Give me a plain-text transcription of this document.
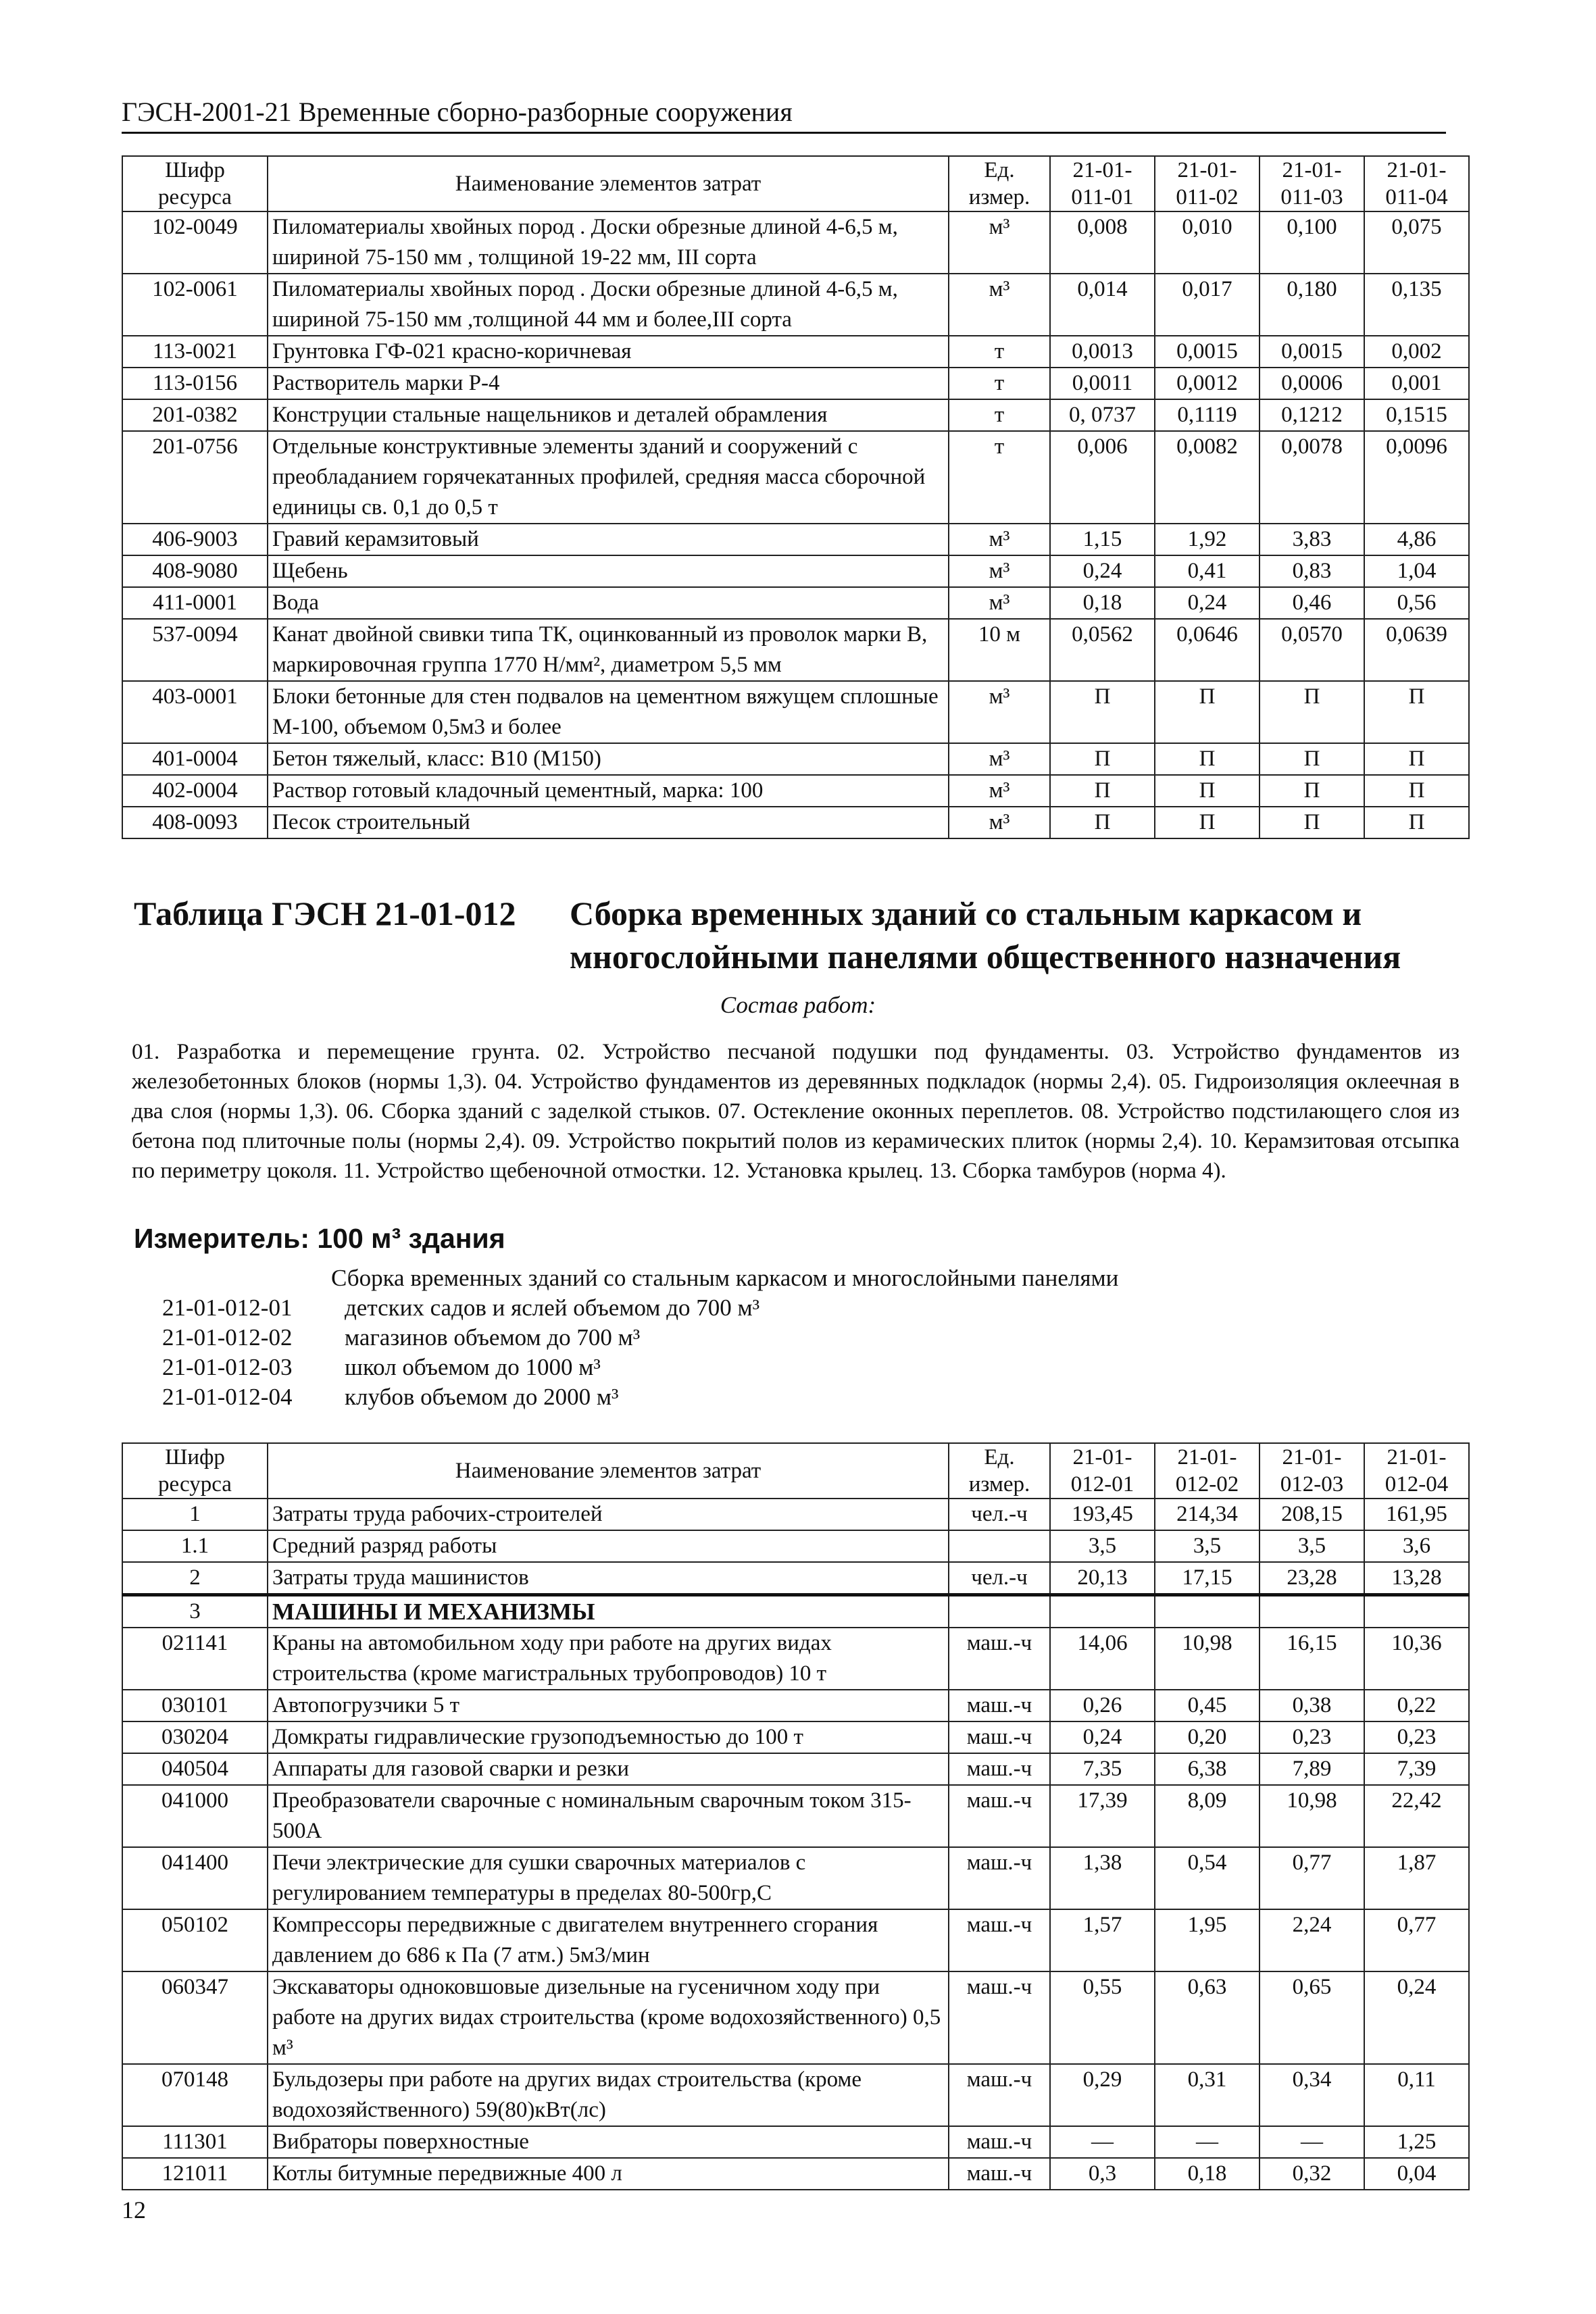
ГЭСН-2001-21 Временные сборно-разборные сооружения
Шифр ресурса	Наименование элементов затрат	Ед. измер.	21-01-011-01	21-01-011-02	21-01-011-03	21-01-011-04
102-0049	Пиломатериалы хвойных пород . Доски обрезные длиной 4-6,5 м, шириной 75-150 мм , толщиной 19-22 мм, III сорта	м³	0,008	0,010	0,100	0,075
102-0061	Пиломатериалы хвойных пород . Доски обрезные длиной 4-6,5 м, шириной 75-150 мм ,толщиной 44 мм и более,III сорта	м³	0,014	0,017	0,180	0,135
113-0021	Грунтовка ГФ-021 красно-коричневая	т	0,0013	0,0015	0,0015	0,002
113-0156	Растворитель марки Р-4	т	0,0011	0,0012	0,0006	0,001
201-0382	Конструции стальные нащельников и деталей обрамления	т	0, 0737	0,1119	0,1212	0,1515
201-0756	Отдельные конструктивные элементы зданий и сооружений с преобладанием горячекатанных профилей, средняя масса сборочной единицы св. 0,1 до 0,5 т	т	0,006	0,0082	0,0078	0,0096
406-9003	Гравий керамзитовый	м³	1,15	1,92	3,83	4,86
408-9080	Щебень	м³	0,24	0,41	0,83	1,04
411-0001	Вода	м³	0,18	0,24	0,46	0,56
537-0094	Канат двойной свивки типа ТК, оцинкованный из проволок марки В, маркировочная группа 1770 Н/мм², диаметром 5,5 мм	10 м	0,0562	0,0646	0,0570	0,0639
403-0001	Блоки бетонные для стен подвалов на цементном вяжущем сплошные М-100, объемом 0,5м3 и более	м³	П	П	П	П
401-0004	Бетон тяжелый, класс: В10 (М150)	м³	П	П	П	П
402-0004	Раствор готовый кладочный цементный, марка: 100	м³	П	П	П	П
408-0093	Песок строительный	м³	П	П	П	П
Таблица ГЭСН 21-01-012 Сборка временных зданий со стальным каркасом и многослойными панелями общественного назначения
Состав работ:
01. Разработка и перемещение грунта. 02. Устройство песчаной подушки под фундаменты. 03. Устройство фундаментов из железобетонных блоков (нормы 1,3). 04. Устройство фундаментов из деревянных подкладок (нормы 2,4). 05. Гидроизоляция оклеечная в два слоя (нормы 1,3). 06. Сборка зданий с заделкой стыков. 07. Остекление оконных переплетов. 08. Устройство подстилающего слоя из бетона под плиточные полы (нормы 2,4). 09. Устройство покрытий полов из керамических плиток (нормы 2,4). 10. Керамзитовая отсыпка по периметру цоколя. 11. Устройство щебеночной отмостки. 12. Установка крылец. 13. Сборка тамбуров (норма 4).
Измеритель: 100 м³ здания
Сборка временных зданий со стальным каркасом и многослойными панелями
21-01-012-01 детских садов и яслей объемом до 700 м³
21-01-012-02 магазинов объемом до 700 м³
21-01-012-03 школ объемом до 1000 м³
21-01-012-04 клубов объемом до 2000 м³
Шифр ресурса	Наименование элементов затрат	Ед. измер.	21-01-012-01	21-01-012-02	21-01-012-03	21-01-012-04
1	Затраты труда рабочих-строителей	чел.-ч	193,45	214,34	208,15	161,95
1.1	Средний разряд работы		3,5	3,5	3,5	3,6
2	Затраты труда машинистов	чел.-ч	20,13	17,15	23,28	13,28
3	МАШИНЫ И МЕХАНИЗМЫ					
021141	Краны на автомобильном ходу при работе на других видах строительства (кроме магистральных трубопроводов) 10 т	маш.-ч	14,06	10,98	16,15	10,36
030101	Автопогрузчики 5 т	маш.-ч	0,26	0,45	0,38	0,22
030204	Домкраты гидравлические грузоподъемностью до 100 т	маш.-ч	0,24	0,20	0,23	0,23
040504	Аппараты для газовой сварки и резки	маш.-ч	7,35	6,38	7,89	7,39
041000	Преобразователи сварочные с номинальным сварочным током 315-500А	маш.-ч	17,39	8,09	10,98	22,42
041400	Печи электрические для сушки сварочных материалов с регулированием температуры в пределах 80-500гр,С	маш.-ч	1,38	0,54	0,77	1,87
050102	Компрессоры передвижные с двигателем внутреннего сгорания давлением до 686 к Па (7 атм.) 5м3/мин	маш.-ч	1,57	1,95	2,24	0,77
060347	Экскаваторы одноковшовые дизельные на гусеничном ходу при работе на других видах строительства (кроме водохозяйственного) 0,5 м³	маш.-ч	0,55	0,63	0,65	0,24
070148	Бульдозеры при работе на других видах строительства (кроме водохозяйственного) 59(80)кВт(лс)	маш.-ч	0,29	0,31	0,34	0,11
111301	Вибраторы поверхностные	маш.-ч	—	—	—	1,25
121011	Котлы битумные передвижные 400 л	маш.-ч	0,3	0,18	0,32	0,04
12
